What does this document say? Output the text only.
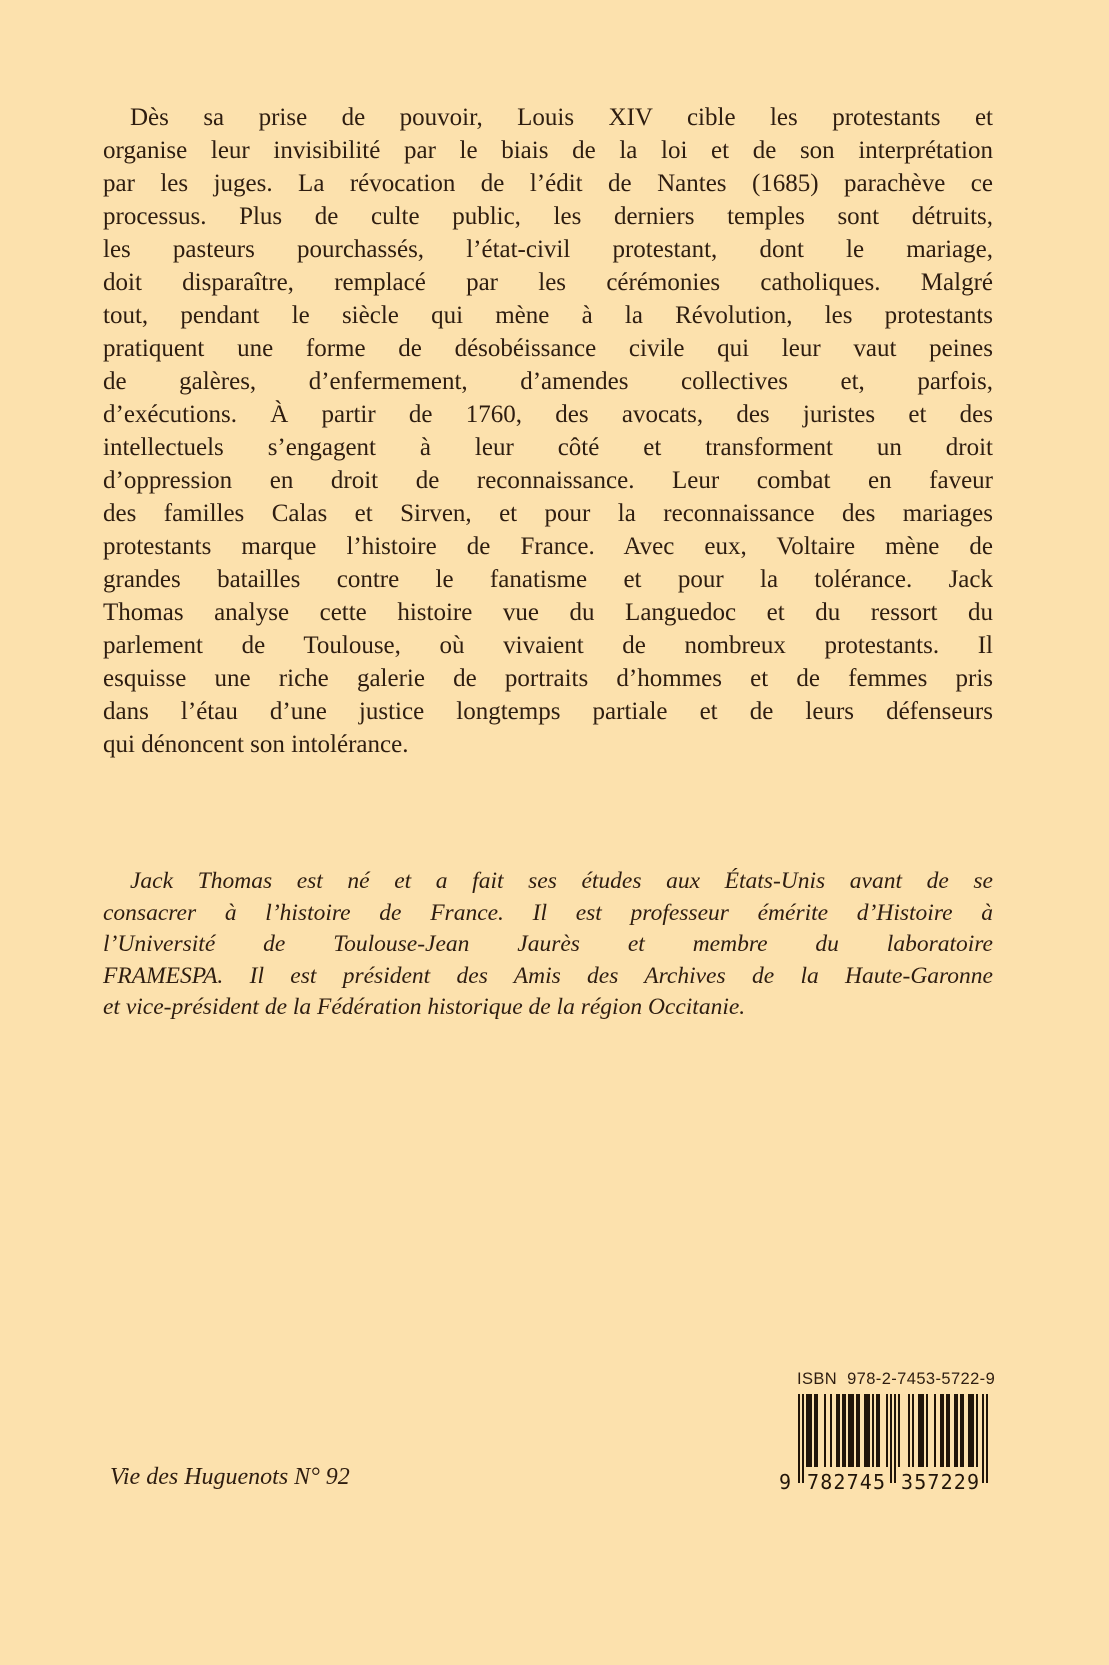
Dès sa prise de pouvoir, Louis XIV cible les protestants et
organise leur invisibilité par le biais de la loi et de son interprétation
par les juges. La révocation de l’édit de Nantes (1685) parachève ce
processus. Plus de culte public, les derniers temples sont détruits,
les pasteurs pourchassés, l’état-civil protestant, dont le mariage,
doit disparaître, remplacé par les cérémonies catholiques. Malgré
tout, pendant le siècle qui mène à la Révolution, les protestants
pratiquent une forme de désobéissance civile qui leur vaut peines
de galères, d’enfermement, d’amendes collectives et, parfois,
d’exécutions. À partir de 1760, des avocats, des juristes et des
intellectuels s’engagent à leur côté et transforment un droit
d’oppression en droit de reconnaissance. Leur combat en faveur
des familles Calas et Sirven, et pour la reconnaissance des mariages
protestants marque l’histoire de France. Avec eux, Voltaire mène de
grandes batailles contre le fanatisme et pour la tolérance. Jack
Thomas analyse cette histoire vue du Languedoc et du ressort du
parlement de Toulouse, où vivaient de nombreux protestants. Il
esquisse une riche galerie de portraits d’hommes et de femmes pris
dans l’étau d’une justice longtemps partiale et de leurs défenseurs
qui dénoncent son intolérance.
Jack Thomas est né et a fait ses études aux États-Unis avant de se
consacrer à l’histoire de France. Il est professeur émérite d’Histoire à
l’Université de Toulouse-Jean Jaurès et membre du laboratoire
FRAMESPA. Il est président des Amis des Archives de la Haute-Garonne
et vice-président de la Fédération historique de la région Occitanie.
Vie des Huguenots N° 92
ISBN  978-2-7453-5722-9
9 782745 357229
